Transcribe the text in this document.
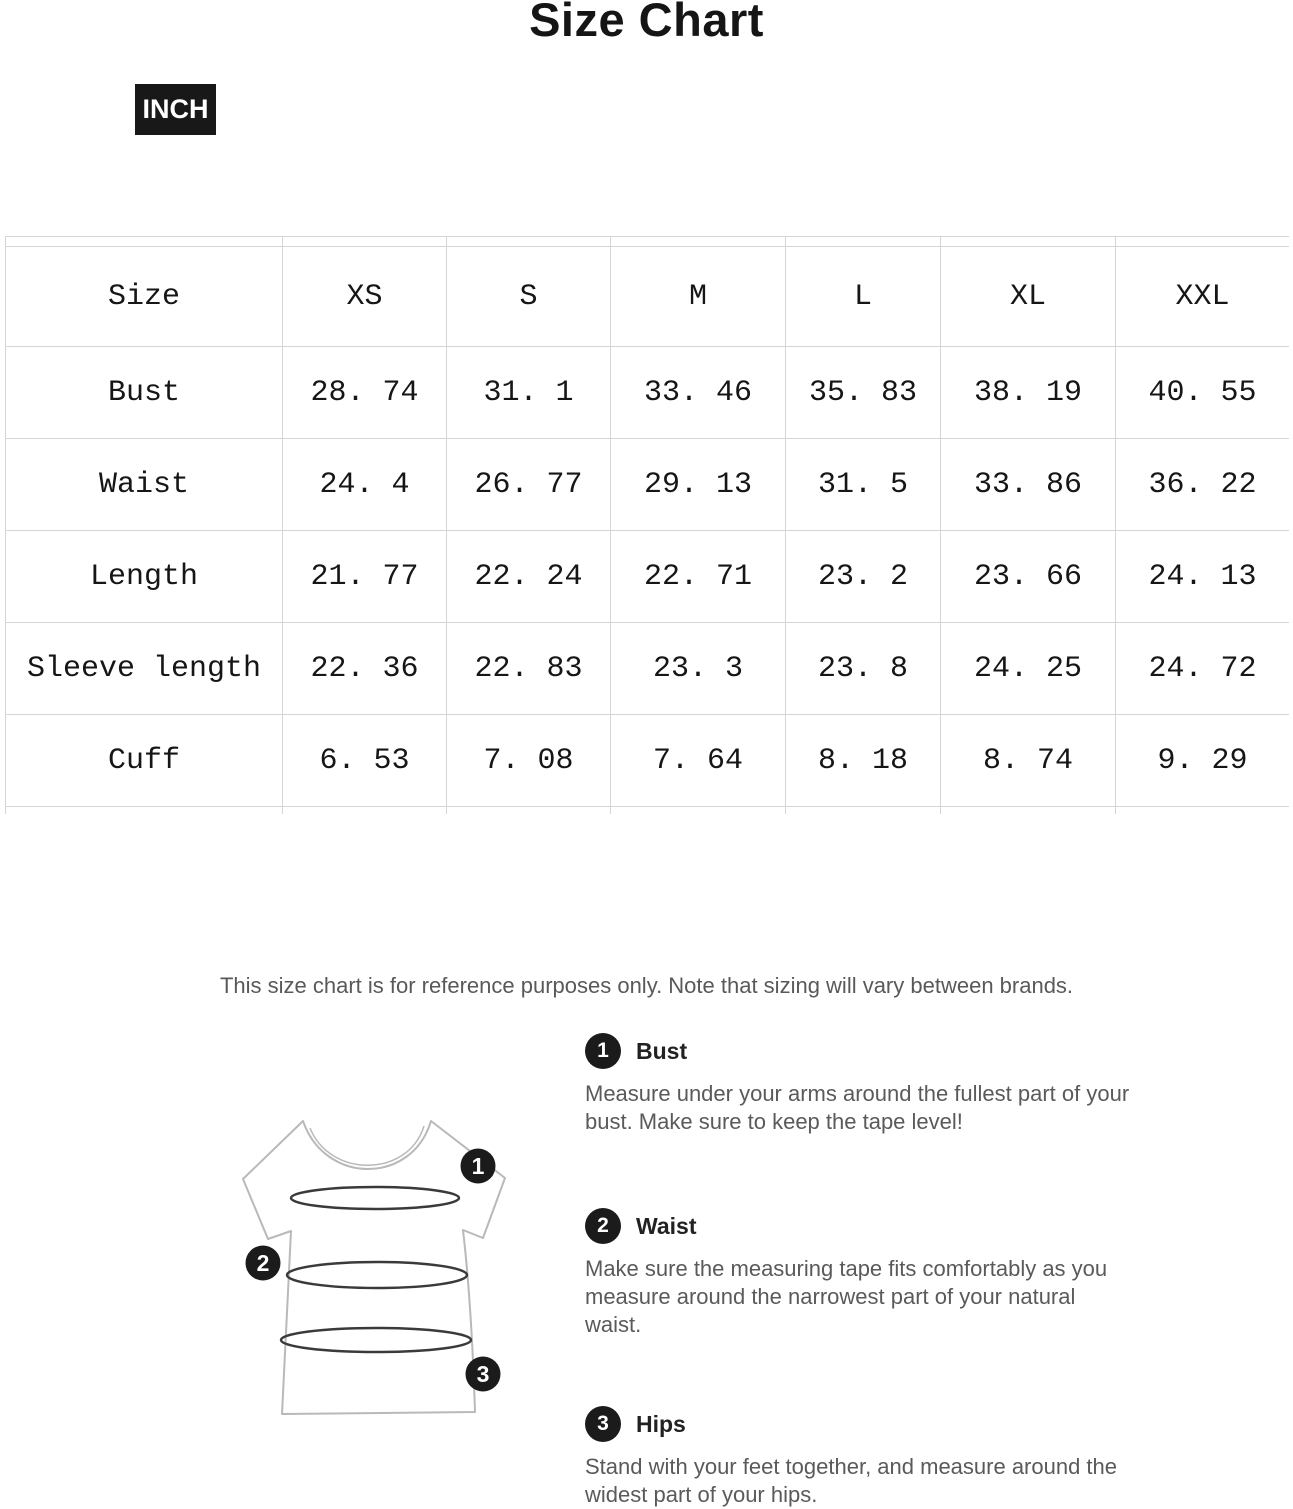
Size Chart
INCH

Size	XS	S	M	L	XL	XXL
Bust	28. 74	31. 1	33. 46	35. 83	38. 19	40. 55
Waist	24. 4	26. 77	29. 13	31. 5	33. 86	36. 22
Length	21. 77	22. 24	22. 71	23. 2	23. 66	24. 13
Sleeve length	22. 36	22. 83	23. 3	23. 8	24. 25	24. 72
Cuff	6. 53	7. 08	7. 64	8. 18	8. 74	9. 29

This size chart is for reference purposes only. Note that sizing will vary between brands.
1
2
3
1	Bust

Measure under your arms around the fullest part of your bust. Make sure to keep the tape level!

2	Waist

Make sure the measuring tape fits comfortably as you measure around the narrowest part of your natural waist.

3	Hips

Stand with your feet together, and measure around the widest part of your hips.
